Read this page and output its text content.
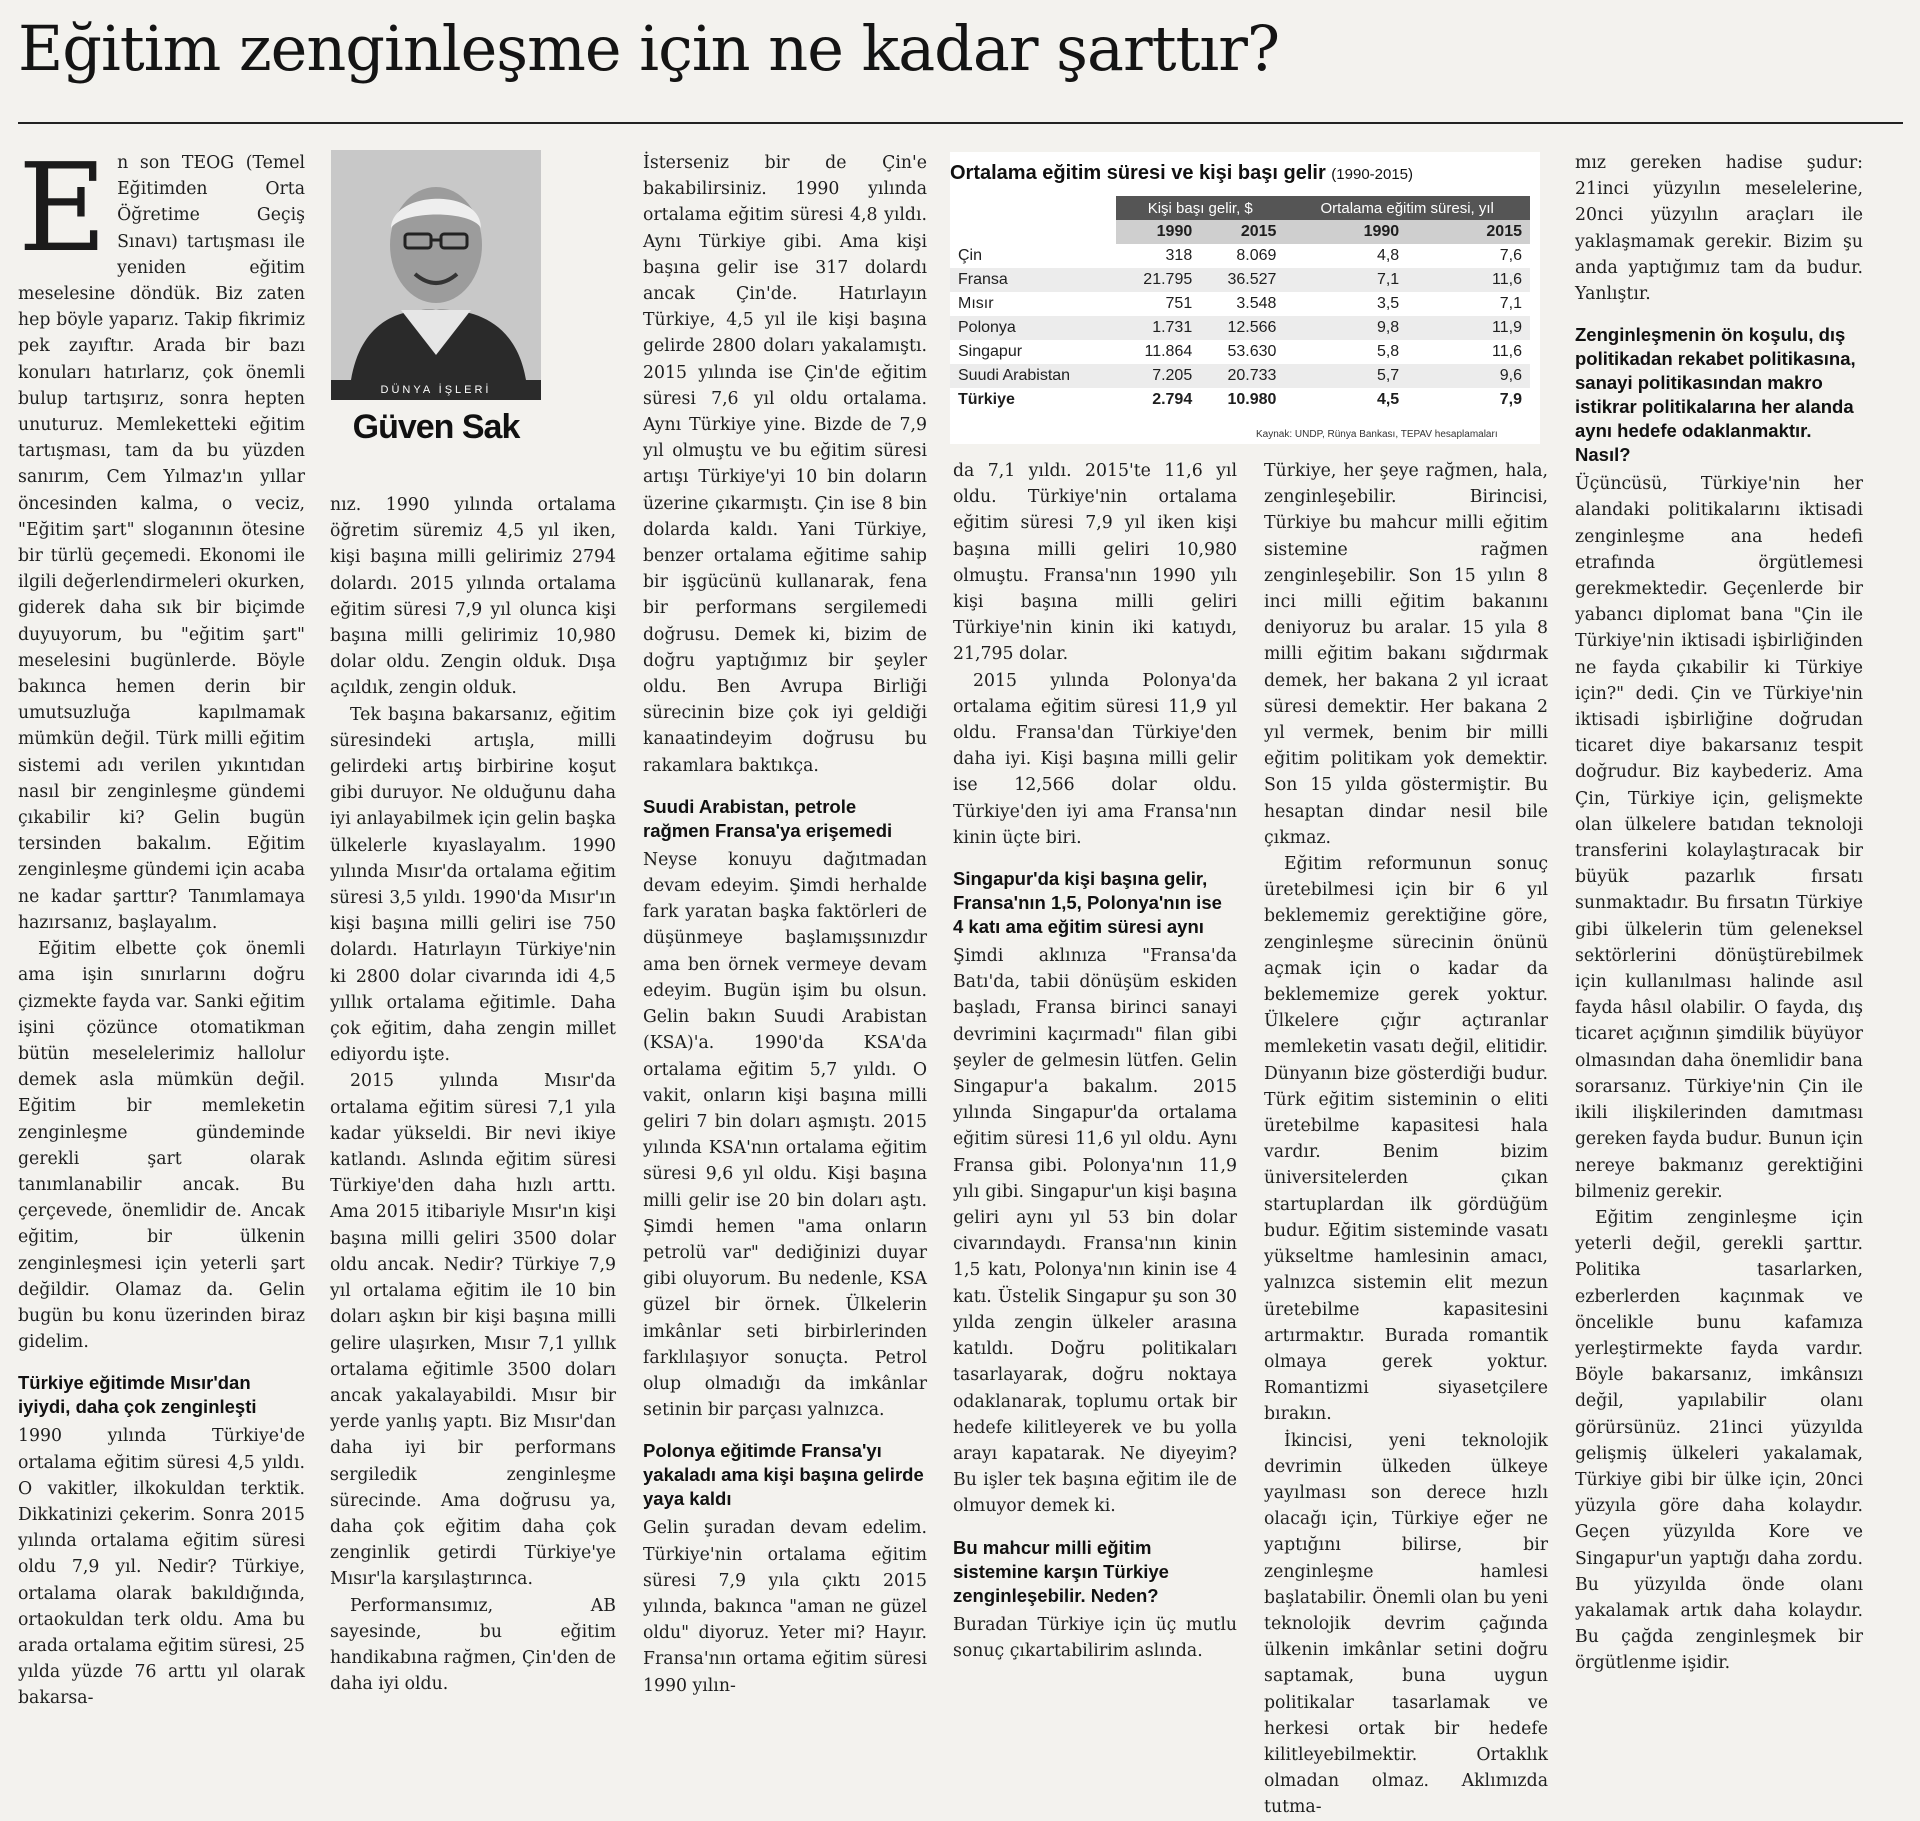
Eğitim zenginleşme için ne kadar şarttır?
E n son TEOG (Temel Eğitimden Orta Öğretime Geçiş Sınavı) tartışması ile yeniden eğitim meselesine döndük. Biz zaten hep böyle yaparız. Takip fikrimiz pek zayıftır. Arada bir bazı konuları hatırlarız, çok önemli bulup tartışırız, sonra hepten unuturuz. Memleketteki eğitim tartışması, tam da bu yüzden sanırım, Cem Yılmaz'ın yıllar öncesinden kalma, o veciz, "Eğitim şart" sloganının ötesine bir türlü geçemedi. Ekonomi ile ilgili değerlendirmeleri okurken, giderek daha sık bir biçimde duyuyorum, bu "eğitim şart" meselesini bugünlerde. Böyle bakınca hemen derin bir umutsuzluğa kapılmamak mümkün değil. Türk milli eğitim sistemi adı verilen yıkıntıdan nasıl bir zenginleşme gündemi çıkabilir ki? Gelin bugün tersinden bakalım. Eğitim zenginleşme gündemi için acaba ne kadar şarttır? Tanımlamaya hazırsanız, başlayalım.

Eğitim elbette çok önemli ama işin sınırlarını doğru çizmekte fayda var. Sanki eğitim işini çözünce otomatikman bütün meselelerimiz hallolur demek asla mümkün değil. Eğitim bir memleketin zenginleşme gündeminde gerekli şart olarak tanımlanabilir ancak. Bu çerçevede, önemlidir de. Ancak eğitim, bir ülkenin zenginleşmesi için yeterli şart değildir. Olamaz da. Gelin bugün bu konu üzerinden biraz gidelim.

Türkiye eğitimde Mısır'dan iyiydi, daha çok zenginleşti

1990 yılında Türkiye'de ortalama eğitim süresi 4,5 yıldı. O vakitler, ilkokuldan terktik. Dikkatinizi çekerim. Sonra 2015 yılında ortalama eğitim süresi oldu 7,9 yıl. Nedir? Türkiye, ortalama olarak bakıldığında, ortaokuldan terk oldu. Ama bu arada ortalama eğitim süresi, 25 yılda yüzde 76 arttı yıl olarak bakarsa-

DÜNYA İŞLERİ
Güven Sak

nız. 1990 yılında ortalama öğretim süremiz 4,5 yıl iken, kişi başına milli gelirimiz 2794 dolardı. 2015 yılında ortalama eğitim süresi 7,9 yıl olunca kişi başına milli gelirimiz 10,980 dolar oldu. Zengin olduk. Dışa açıldık, zengin olduk.

Tek başına bakarsanız, eğitim süresindeki artışla, milli gelirdeki artış birbirine koşut gibi duruyor. Ne olduğunu daha iyi anlayabilmek için gelin başka ülkelerle kıyaslayalım. 1990 yılında Mısır'da ortalama eğitim süresi 3,5 yıldı. 1990'da Mısır'ın kişi başına milli geliri ise 750 dolardı. Hatırlayın Türkiye'nin ki 2800 dolar civarında idi 4,5 yıllık ortalama eğitimle. Daha çok eğitim, daha zengin millet ediyordu işte.

2015 yılında Mısır'da ortalama eğitim süresi 7,1 yıla kadar yükseldi. Bir nevi ikiye katlandı. Aslında eğitim süresi Türkiye'den daha hızlı arttı. Ama 2015 itibariyle Mısır'ın kişi başına milli geliri 3500 dolar oldu ancak. Nedir? Türkiye 7,9 yıl ortalama eğitim ile 10 bin doları aşkın bir kişi başına milli gelire ulaşırken, Mısır 7,1 yıllık ortalama eğitimle 3500 doları ancak yakalayabildi. Mısır bir yerde yanlış yaptı. Biz Mısır'dan daha iyi bir performans sergiledik zenginleşme sürecinde. Ama doğrusu ya, daha çok eğitim daha çok zenginlik getirdi Türkiye'ye Mısır'la karşılaştırınca.

Performansımız, AB sayesinde, bu eğitim handikabına rağmen, Çin'den de daha iyi oldu.

İsterseniz bir de Çin'e bakabilirsiniz. 1990 yılında ortalama eğitim süresi 4,8 yıldı. Aynı Türkiye gibi. Ama kişi başına gelir ise 317 dolardı ancak Çin'de. Hatırlayın Türkiye, 4,5 yıl ile kişi başına gelirde 2800 doları yakalamıştı. 2015 yılında ise Çin'de eğitim süresi 7,6 yıl oldu ortalama. Aynı Türkiye yine. Bizde de 7,9 yıl olmuştu ve bu eğitim süresi artışı Türkiye'yi 10 bin doların üzerine çıkarmıştı. Çin ise 8 bin dolarda kaldı. Yani Türkiye, benzer ortalama eğitime sahip bir işgücünü kullanarak, fena bir performans sergilemedi doğrusu. Demek ki, bizim de doğru yaptığımız bir şeyler oldu. Ben Avrupa Birliği sürecinin bize çok iyi geldiği kanaatindeyim doğrusu bu rakamlara baktıkça.

Suudi Arabistan, petrole rağmen Fransa'ya erişemedi

Neyse konuyu dağıtmadan devam edeyim. Şimdi herhalde fark yaratan başka faktörleri de düşünmeye başlamışsınızdır ama ben örnek vermeye devam edeyim. Bugün işim bu olsun. Gelin bakın Suudi Arabistan (KSA)'a. 1990'da KSA'da ortalama eğitim 5,7 yıldı. O vakit, onların kişi başına milli geliri 7 bin doları aşmıştı. 2015 yılında KSA'nın ortalama eğitim süresi 9,6 yıl oldu. Kişi başına milli gelir ise 20 bin doları aştı. Şimdi hemen "ama onların petrolü var" dediğinizi duyar gibi oluyorum. Bu nedenle, KSA güzel bir örnek. Ülkelerin imkânlar seti birbirlerinden farklılaşıyor sonuçta. Petrol olup olmadığı da imkânlar setinin bir parçası yalnızca.

Polonya eğitimde Fransa'yı yakaladı ama kişi başına gelirde yaya kaldı

Gelin şuradan devam edelim. Türkiye'nin ortalama eğitim süresi 7,9 yıla çıktı 2015 yılında, bakınca "aman ne güzel oldu" diyoruz. Yeter mi? Hayır. Fransa'nın ortama eğitim süresi 1990 yılın-

Ortalama eğitim süresi ve kişi başı gelir (1990-2015)
	Kişi başı gelir, $		Ortalama eğitim süresi, yıl	
	1990	2015	1990	2015
Çin	318	8.069	4,8	7,6
Fransa	21.795	36.527	7,1	11,6
Mısır	751	3.548	3,5	7,1
Polonya	1.731	12.566	9,8	11,9
Singapur	11.864	53.630	5,8	11,6
Suudi Arabistan	7.205	20.733	5,7	9,6
Türkiye	2.794	10.980	4,5	7,9
Kaynak: UNDP, Rünya Bankası, TEPAV hesaplamaları

da 7,1 yıldı. 2015'te 11,6 yıl oldu. Türkiye'nin ortalama eğitim süresi 7,9 yıl iken kişi başına milli geliri 10,980 olmuştu. Fransa'nın 1990 yılı kişi başına milli geliri Türkiye'nin kinin iki katıydı, 21,795 dolar.

2015 yılında Polonya'da ortalama eğitim süresi 11,9 yıl oldu. Fransa'dan Türkiye'den daha iyi. Kişi başına milli gelir ise 12,566 dolar oldu. Türkiye'den iyi ama Fransa'nın kinin üçte biri.

Singapur'da kişi başına gelir, Fransa'nın 1,5, Polonya'nın ise 4 katı ama eğitim süresi aynı

Şimdi aklınıza "Fransa'da Batı'da, tabii dönüşüm eskiden başladı, Fransa birinci sanayi devrimini kaçırmadı" filan gibi şeyler de gelmesin lütfen. Gelin Singapur'a bakalım. 2015 yılında Singapur'da ortalama eğitim süresi 11,6 yıl oldu. Aynı Fransa gibi. Polonya'nın 11,9 yılı gibi. Singapur'un kişi başına geliri aynı yıl 53 bin dolar civarındaydı. Fransa'nın kinin 1,5 katı, Polonya'nın kinin ise 4 katı. Üstelik Singapur şu son 30 yılda zengin ülkeler arasına katıldı. Doğru politikaları tasarlayarak, doğru noktaya odaklanarak, toplumu ortak bir hedefe kilitleyerek ve bu yolla arayı kapatarak. Ne diyeyim? Bu işler tek başına eğitim ile de olmuyor demek ki.

Bu mahcur milli eğitim sistemine karşın Türkiye zenginleşebilir. Neden?

Buradan Türkiye için üç mutlu sonuç çıkartabilirim aslında.

Türkiye, her şeye rağmen, hala, zenginleşebilir. Birincisi, Türkiye bu mahcur milli eğitim sistemine rağmen zenginleşebilir. Son 15 yılın 8 inci milli eğitim bakanını deniyoruz bu aralar. 15 yıla 8 milli eğitim bakanı sığdırmak demek, her bakana 2 yıl icraat süresi demektir. Her bakana 2 yıl vermek, benim bir milli eğitim politikam yok demektir. Son 15 yılda göstermiştir. Bu hesaptan dindar nesil bile çıkmaz.

Eğitim reformunun sonuç üretebilmesi için bir 6 yıl beklememiz gerektiğine göre, zenginleşme sürecinin önünü açmak için o kadar da beklememize gerek yoktur. Ülkelere çığır açtıranlar memleketin vasatı değil, elitidir. Dünyanın bize gösterdiği budur. Türk eğitim sisteminin o eliti üretebilme kapasitesi hala vardır. Benim bizim üniversitelerden çıkan startuplardan ilk gördüğüm budur. Eğitim sisteminde vasatı yükseltme hamlesinin amacı, yalnızca sistemin elit mezun üretebilme kapasitesini artırmaktır. Burada romantik olmaya gerek yoktur. Romantizmi siyasetçilere bırakın.

İkincisi, yeni teknolojik devrimin ülkeden ülkeye yayılması son derece hızlı olacağı için, Türkiye eğer ne yaptığını bilirse, bir zenginleşme hamlesi başlatabilir. Önemli olan bu yeni teknolojik devrim çağında ülkenin imkânlar setini doğru saptamak, buna uygun politikalar tasarlamak ve herkesi ortak bir hedefe kilitleyebilmektir. Ortaklık olmadan olmaz. Aklımızda tutma-

mız gereken hadise şudur: 21inci yüzyılın meselelerine, 20nci yüzyılın araçları ile yaklaşmamak gerekir. Bizim şu anda yaptığımız tam da budur. Yanlıştır.

Zenginleşmenin ön koşulu, dış politikadan rekabet politikasına, sanayi politikasından makro istikrar politikalarına her alanda aynı hedefe odaklanmaktır. Nasıl?

Üçüncüsü, Türkiye'nin her alandaki politikalarını iktisadi zenginleşme ana hedefi etrafında örgütlemesi gerekmektedir. Geçenlerde bir yabancı diplomat bana "Çin ile Türkiye'nin iktisadi işbirliğinden ne fayda çıkabilir ki Türkiye için?" dedi. Çin ve Türkiye'nin iktisadi işbirliğine doğrudan ticaret diye bakarsanız tespit doğrudur. Biz kaybederiz. Ama Çin, Türkiye için, gelişmekte olan ülkelere batıdan teknoloji transferini kolaylaştıracak bir büyük pazarlık fırsatı sunmaktadır. Bu fırsatın Türkiye gibi ülkelerin tüm geleneksel sektörlerini dönüştürebilmek için kullanılması halinde asıl fayda hâsıl olabilir. O fayda, dış ticaret açığının şimdilik büyüyor olmasından daha önemlidir bana sorarsanız. Türkiye'nin Çin ile ikili ilişkilerinden damıtması gereken fayda budur. Bunun için nereye bakmanız gerektiğini bilmeniz gerekir.

Eğitim zenginleşme için yeterli değil, gerekli şarttır. Politika tasarlarken, ezberlerden kaçınmak ve öncelikle bunu kafamıza yerleştirmekte fayda vardır. Böyle bakarsanız, imkânsızı değil, yapılabilir olanı görürsünüz. 21inci yüzyılda gelişmiş ülkeleri yakalamak, Türkiye gibi bir ülke için, 20nci yüzyıla göre daha kolaydır. Geçen yüzyılda Kore ve Singapur'un yaptığı daha zordu. Bu yüzyılda önde olanı yakalamak artık daha kolaydır. Bu çağda zenginleşmek bir örgütlenme işidir.
